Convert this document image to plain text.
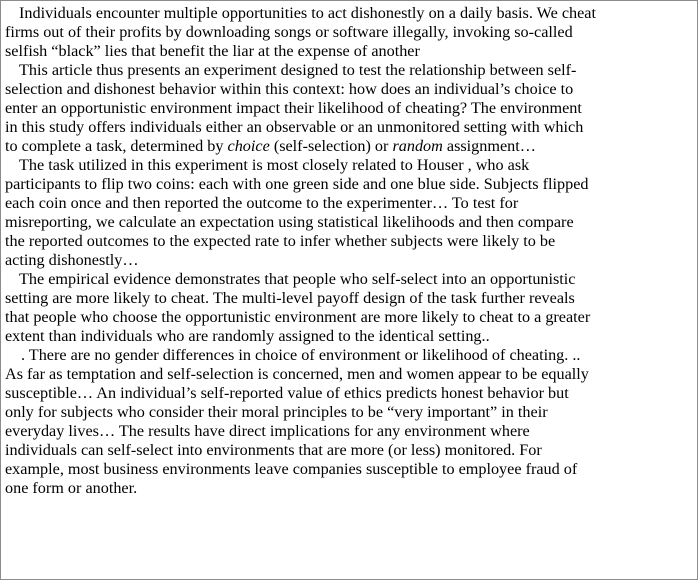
Individuals encounter multiple opportunities to act dishonestly on a daily basis. We cheat
firms out of their profits by downloading songs or software illegally, invoking so-called
selfish “black” lies that benefit the liar at the expense of another
This article thus presents an experiment designed to test the relationship between self-
selection and dishonest behavior within this context: how does an individual’s choice to
enter an opportunistic environment impact their likelihood of cheating? The environment
in this study offers individuals either an observable or an unmonitored setting with which
to complete a task, determined by choice (self-selection) or random assignment…
The task utilized in this experiment is most closely related to Houser , who ask
participants to flip two coins: each with one green side and one blue side. Subjects flipped
each coin once and then reported the outcome to the experimenter… To test for
misreporting, we calculate an expectation using statistical likelihoods and then compare
the reported outcomes to the expected rate to infer whether subjects were likely to be
acting dishonestly…
The empirical evidence demonstrates that people who self-select into an opportunistic
setting are more likely to cheat. The multi-level payoff design of the task further reveals
that people who choose the opportunistic environment are more likely to cheat to a greater
extent than individuals who are randomly assigned to the identical setting..
. There are no gender differences in choice of environment or likelihood of cheating. ..
As far as temptation and self-selection is concerned, men and women appear to be equally
susceptible… An individual’s self-reported value of ethics predicts honest behavior but
only for subjects who consider their moral principles to be “very important” in their
everyday lives… The results have direct implications for any environment where
individuals can self-select into environments that are more (or less) monitored. For
example, most business environments leave companies susceptible to employee fraud of
one form or another.
